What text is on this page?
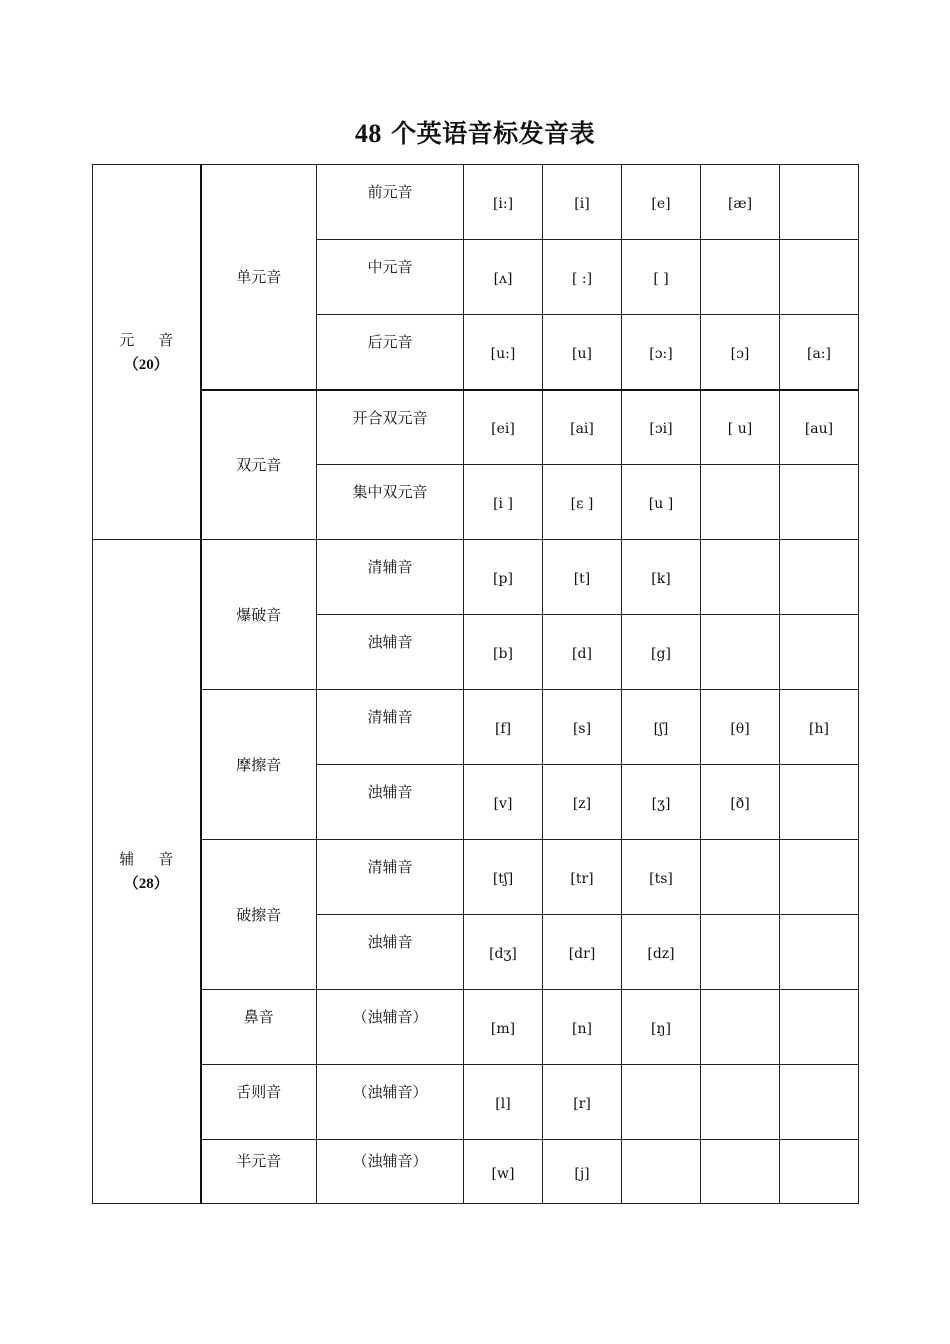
48 个英语音标发音表
元 音
（20）	单元音	前元音	[i:]	[i]	[e]	[æ]	
		中元音	[ʌ]	[ :]	[ ]		
		后元音	[u:]	[u]	[ɔ:]	[ɔ]	[a:]
	双元音	开合双元音	[ei]	[ai]	[ɔi]	[ u]	[au]
		集中双元音	[i ]	[ε ]	[u ]		
辅 音
（28）	爆破音	清辅音	[p]	[t]	[k]		
		浊辅音	[b]	[d]	[g]		
	摩擦音	清辅音	[f]	[s]	[ʃ]	[θ]	[h]
		浊辅音	[v]	[z]	[ʒ]	[ð]	
	破擦音	清辅音	[tʃ]	[tr]	[ts]		
		浊辅音	[dʒ]	[dr]	[dz]		
	鼻音	（浊辅音）	[m]	[n]	[ŋ]		
	舌则音	（浊辅音）	[l]	[r]			
	半元音	（浊辅音）	[w]	[j]			
